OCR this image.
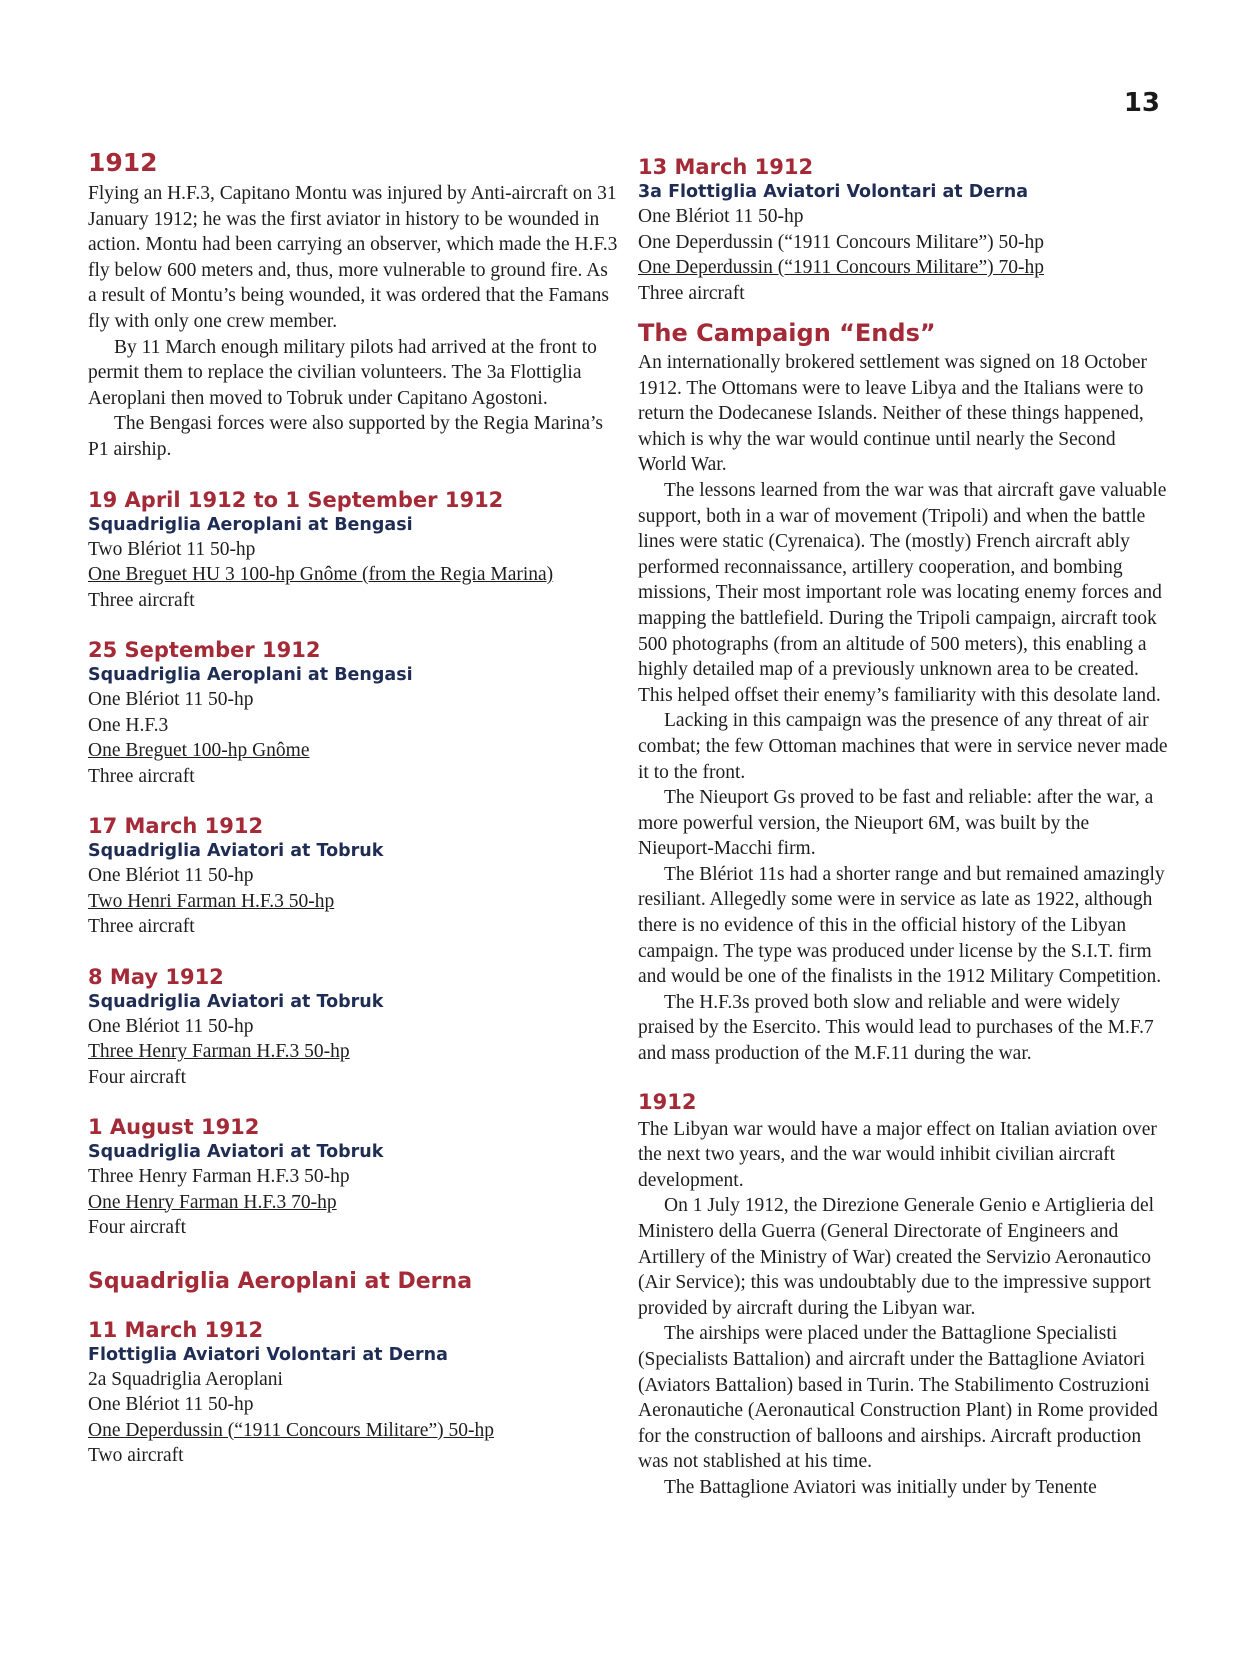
13
1912

Flying an H.F.3, Capitano Montu was injured by Anti-aircraft on 31 January 1912; he was the first aviator in history to be wounded in action. Montu had been carrying an observer, which made the H.F.3 fly below 600 meters and, thus, more vulnerable to ground fire. As a result of Montu’s being wounded, it was ordered that the Famans fly with only one crew member.

By 11 March enough military pilots had arrived at the front to permit them to replace the civilian volunteers. The 3a Flottiglia Aeroplani then moved to Tobruk under Capitano Agostoni.

The Bengasi forces were also supported by the Regia Marina’s P1 airship.

19 April 1912 to 1 September 1912
Squadriglia Aeroplani at Bengasi
Two Blériot 11 50-hp
One Breguet HU 3 100-hp Gnôme (from the Regia Marina)
Three aircraft
25 September 1912
Squadriglia Aeroplani at Bengasi
One Blériot 11 50-hp
One H.F.3
One Breguet 100-hp Gnôme
Three aircraft
17 March 1912
Squadriglia Aviatori at Tobruk
One Blériot 11 50-hp
Two Henri Farman H.F.3 50-hp
Three aircraft
8 May 1912
Squadriglia Aviatori at Tobruk
One Blériot 11 50-hp
Three Henry Farman H.F.3 50-hp
Four aircraft
1 August 1912
Squadriglia Aviatori at Tobruk
Three Henry Farman H.F.3 50-hp
One Henry Farman H.F.3 70-hp
Four aircraft
Squadriglia Aeroplani at Derna
11 March 1912
Flottiglia Aviatori Volontari at Derna
2a Squadriglia Aeroplani
One Blériot 11 50-hp
One Deperdussin (“1911 Concours Militare”) 50-hp
Two aircraft
13 March 1912
3a Flottiglia Aviatori Volontari at Derna
One Blériot 11 50-hp
One Deperdussin (“1911 Concours Militare”) 50-hp
One Deperdussin (“1911 Concours Militare”) 70-hp
Three aircraft
The Campaign “Ends”

An internationally brokered settlement was signed on 18 October 1912. The Ottomans were to leave Libya and the Italians were to return the Dodecanese Islands. Neither of these things happened, which is why the war would continue until nearly the Second World War.

The lessons learned from the war was that aircraft gave valuable support, both in a war of movement (Tripoli) and when the battle lines were static (Cyrenaica). The (mostly) French aircraft ably performed reconnaissance, artillery cooperation, and bombing missions, Their most important role was locating enemy forces and mapping the battlefield. During the Tripoli campaign, aircraft took 500 photographs (from an altitude of 500 meters), this enabling a highly detailed map of a previously unknown area to be created. This helped offset their enemy’s familiarity with this desolate land.

Lacking in this campaign was the presence of any threat of air combat; the few Ottoman machines that were in service never made it to the front.

The Nieuport Gs proved to be fast and reliable: after the war, a more powerful version, the Nieuport 6M, was built by the Nieuport-Macchi firm.

The Blériot 11s had a shorter range and but remained amazingly resiliant. Allegedly some were in service as late as 1922, although there is no evidence of this in the official history of the Libyan campaign. The type was produced under license by the S.I.T. firm and would be one of the finalists in the 1912 Military Competition.

The H.F.3s proved both slow and reliable and were widely praised by the Esercito. This would lead to purchases of the M.F.7 and mass production of the M.F.11 during the war.

1912

The Libyan war would have a major effect on Italian aviation over the next two years, and the war would inhibit civilian aircraft development.

On 1 July 1912, the Direzione Generale Genio e Artiglieria del Ministero della Guerra (General Directorate of Engineers and Artillery of the Ministry of War) created the Servizio Aeronautico (Air Service); this was undoubtably due to the impressive support provided by aircraft during the Libyan war.

The airships were placed under the Battaglione Specialisti (Specialists Battalion) and aircraft under the Battaglione Aviatori (Aviators Battalion) based in Turin. The Stabilimento Costruzioni Aeronautiche (Aeronautical Construction Plant) in Rome provided for the construction of balloons and airships. Aircraft production was not stablished at his time.

The Battaglione Aviatori was initially under by Tenente
